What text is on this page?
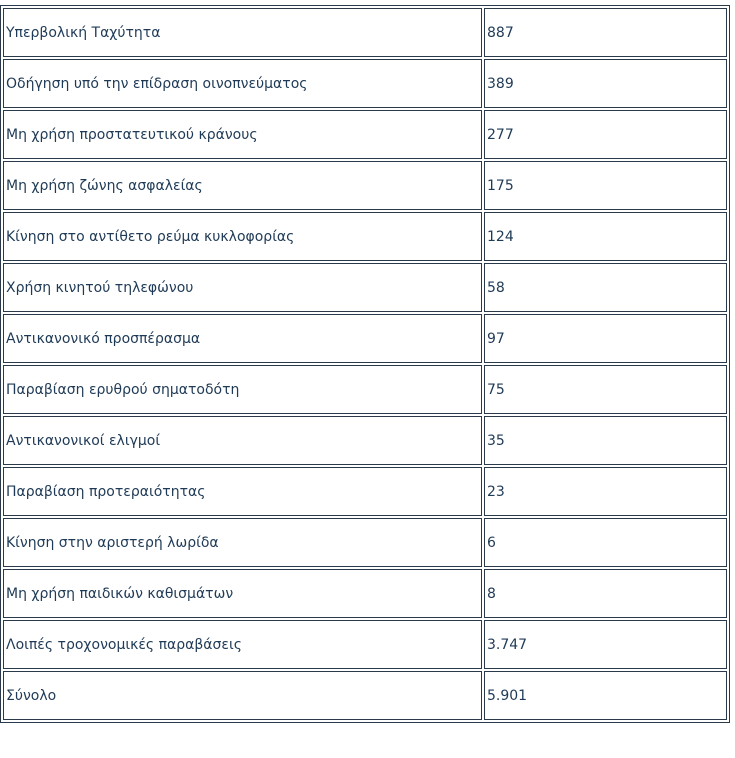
Υπερβολική Ταχύτητα	887
Οδήγηση υπό την επίδραση οινοπνεύματος	389
Μη χρήση προστατευτικού κράνους	277
Μη χρήση ζώνης ασφαλείας	175
Κίνηση στο αντίθετο ρεύμα κυκλοφορίας	124
Χρήση κινητού τηλεφώνου	58
Αντικανονικό προσπέρασμα	97
Παραβίαση ερυθρού σηματοδότη	75
Αντικανονικοί ελιγμοί	35
Παραβίαση προτεραιότητας	23
Κίνηση στην αριστερή λωρίδα	6
Μη χρήση παιδικών καθισμάτων	8
Λοιπές τροχονομικές παραβάσεις	3.747
Σύνολο	5.901
